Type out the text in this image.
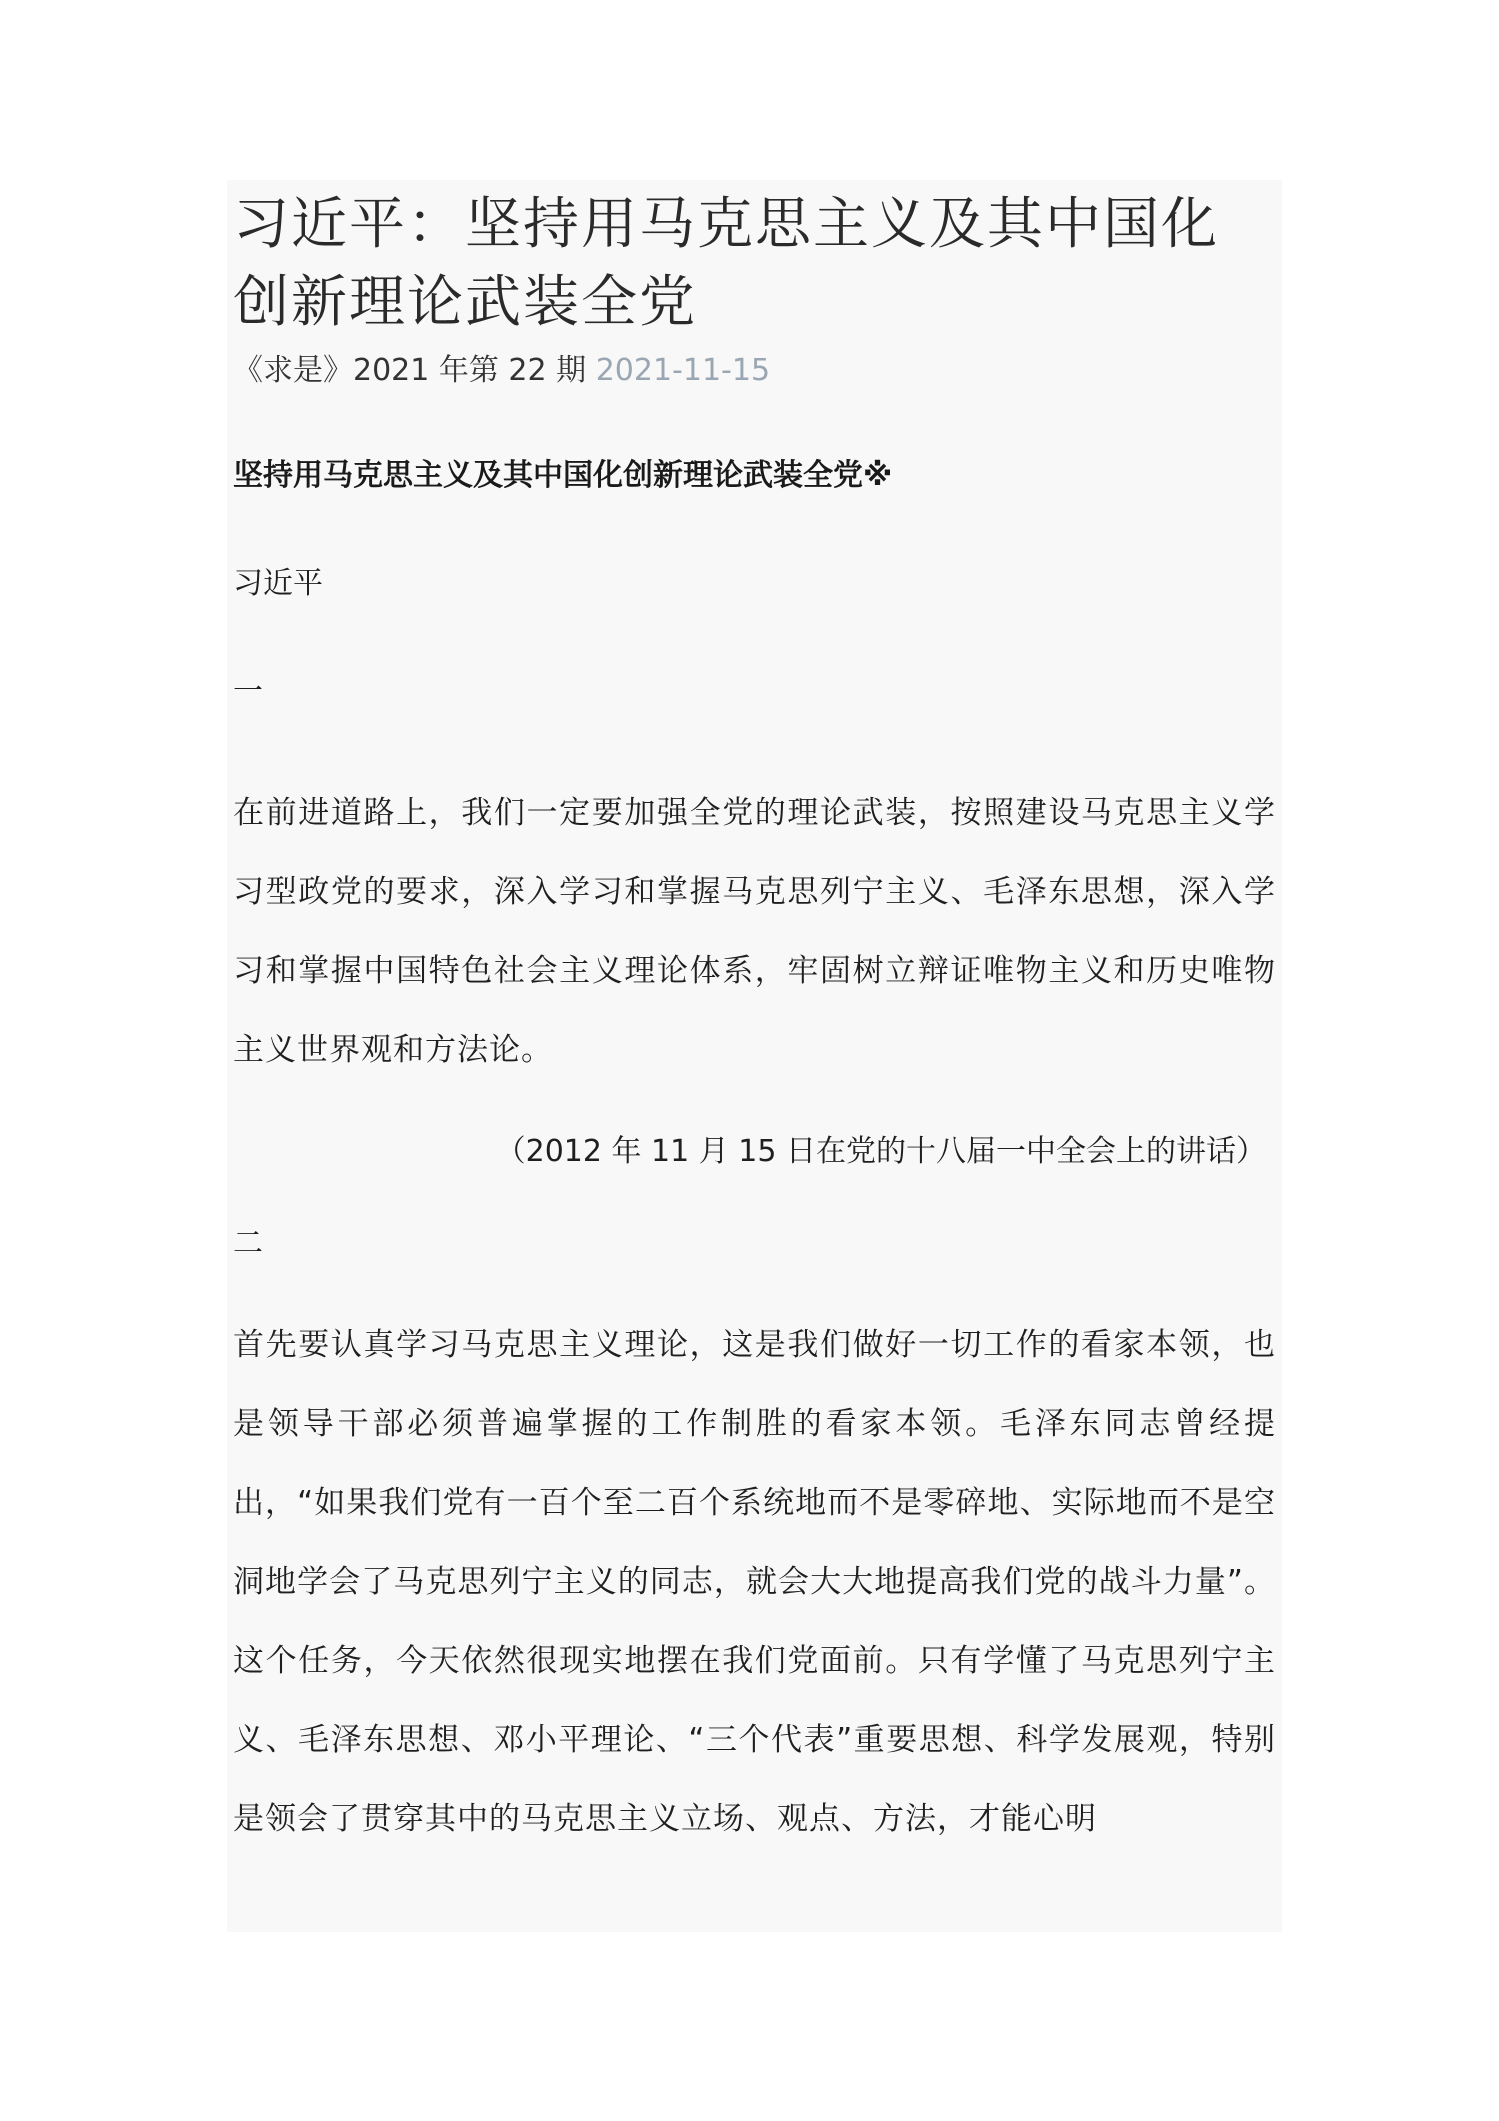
习近平：坚持用马克思主义及其中国化创新理论武装全党

《求是》2021 年第 22 期 2021-11-15

坚持用马克思主义及其中国化创新理论武装全党※

习近平

一

在前进道路上，我们一定要加强全党的理论武装，按照建设马克思主义学习型政党的要求，深入学习和掌握马克思列宁主义、毛泽东思想，深入学习和掌握中国特色社会主义理论体系，牢固树立辩证唯物主义和历史唯物主义世界观和方法论。

（2012 年 11 月 15 日在党的十八届一中全会上的讲话）

二

首先要认真学习马克思主义理论，这是我们做好一切工作的看家本领，也是领导干部必须普遍掌握的工作制胜的看家本领。毛泽东同志曾经提出，“如果我们党有一百个至二百个系统地而不是零碎地、实际地而不是空洞地学会了马克思列宁主义的同志，就会大大地提高我们党的战斗力量”。这个任务，今天依然很现实地摆在我们党面前。只有学懂了马克思列宁主义、毛泽东思想、邓小平理论、“三个代表”重要思想、科学发展观，特别是领会了贯穿其中的马克思主义立场、观点、方法，才能心明
